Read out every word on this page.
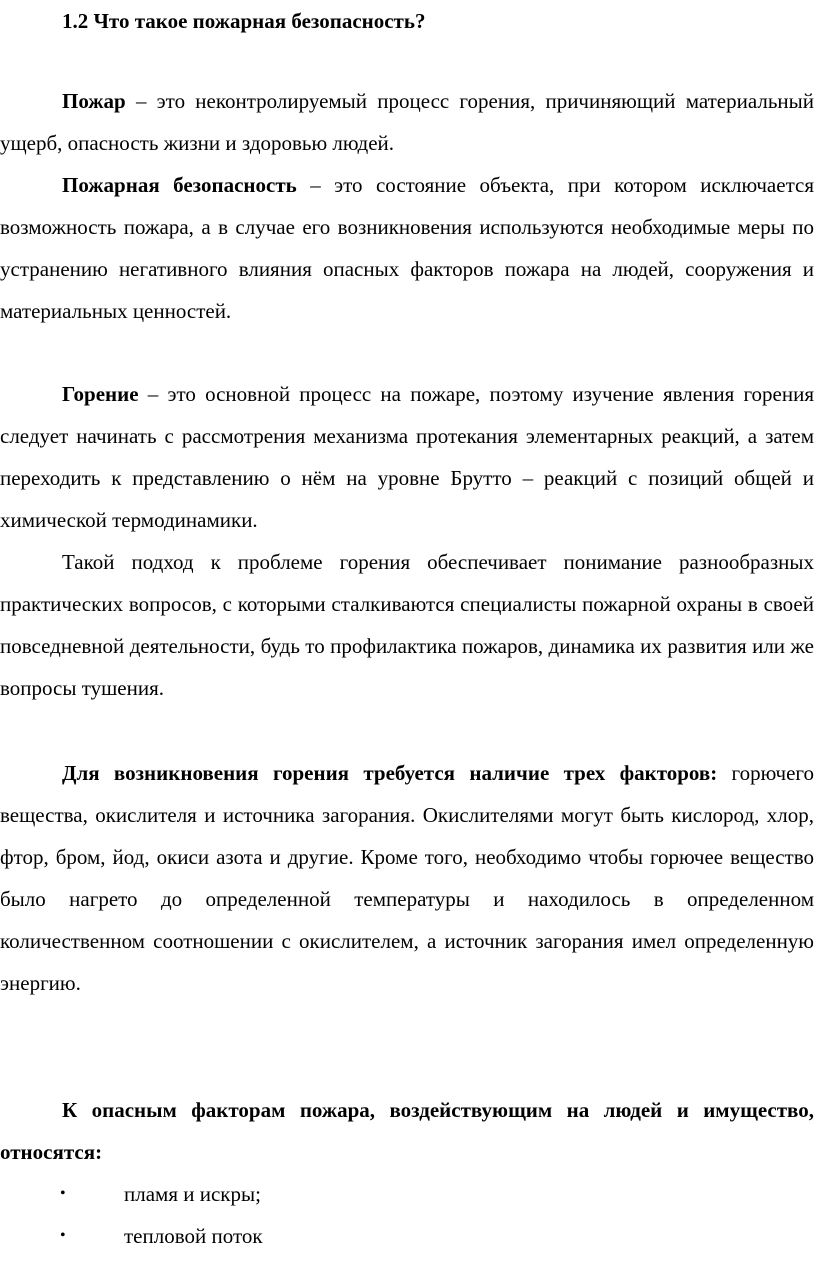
1.2 Что такое пожарная безопасность?
Пожар – это неконтролируемый процесс горения, причиняющий материальный ущерб, опасность жизни и здоровью людей.
Пожарная безопасность – это состояние объекта, при котором исключается возможность пожара, а в случае его возникновения используются необходимые меры по устранению негативного влияния опасных факторов пожара на людей, сооружения и материальных ценностей.
Горение – это основной процесс на пожаре, поэтому изучение явления горения следует начинать с рассмотрения механизма протекания элементарных реакций, а затем переходить к представлению о нём на уровне Брутто – реакций с позиций общей и химической термодинамики.
Такой подход к проблеме горения обеспечивает понимание разнообразных практических вопросов, с которыми сталкиваются специалисты пожарной охраны в своей повседневной деятельности, будь то профилактика пожаров, динамика их развития или же вопросы тушения.
Для возникновения горения требуется наличие трех факторов: горючего вещества, окислителя и источника загорания. Окислителями могут быть кислород, хлор, фтор, бром, йод, окиси азота и другие. Кроме того, необходимо чтобы горючее вещество было нагрето до определенной температуры и находилось в определенном количественном соотношении с окислителем, а источник загорания имел определенную энергию.
К опасным факторам пожара, воздействующим на людей и имущество, относятся:
•	пламя и искры;
•	тепловой поток
